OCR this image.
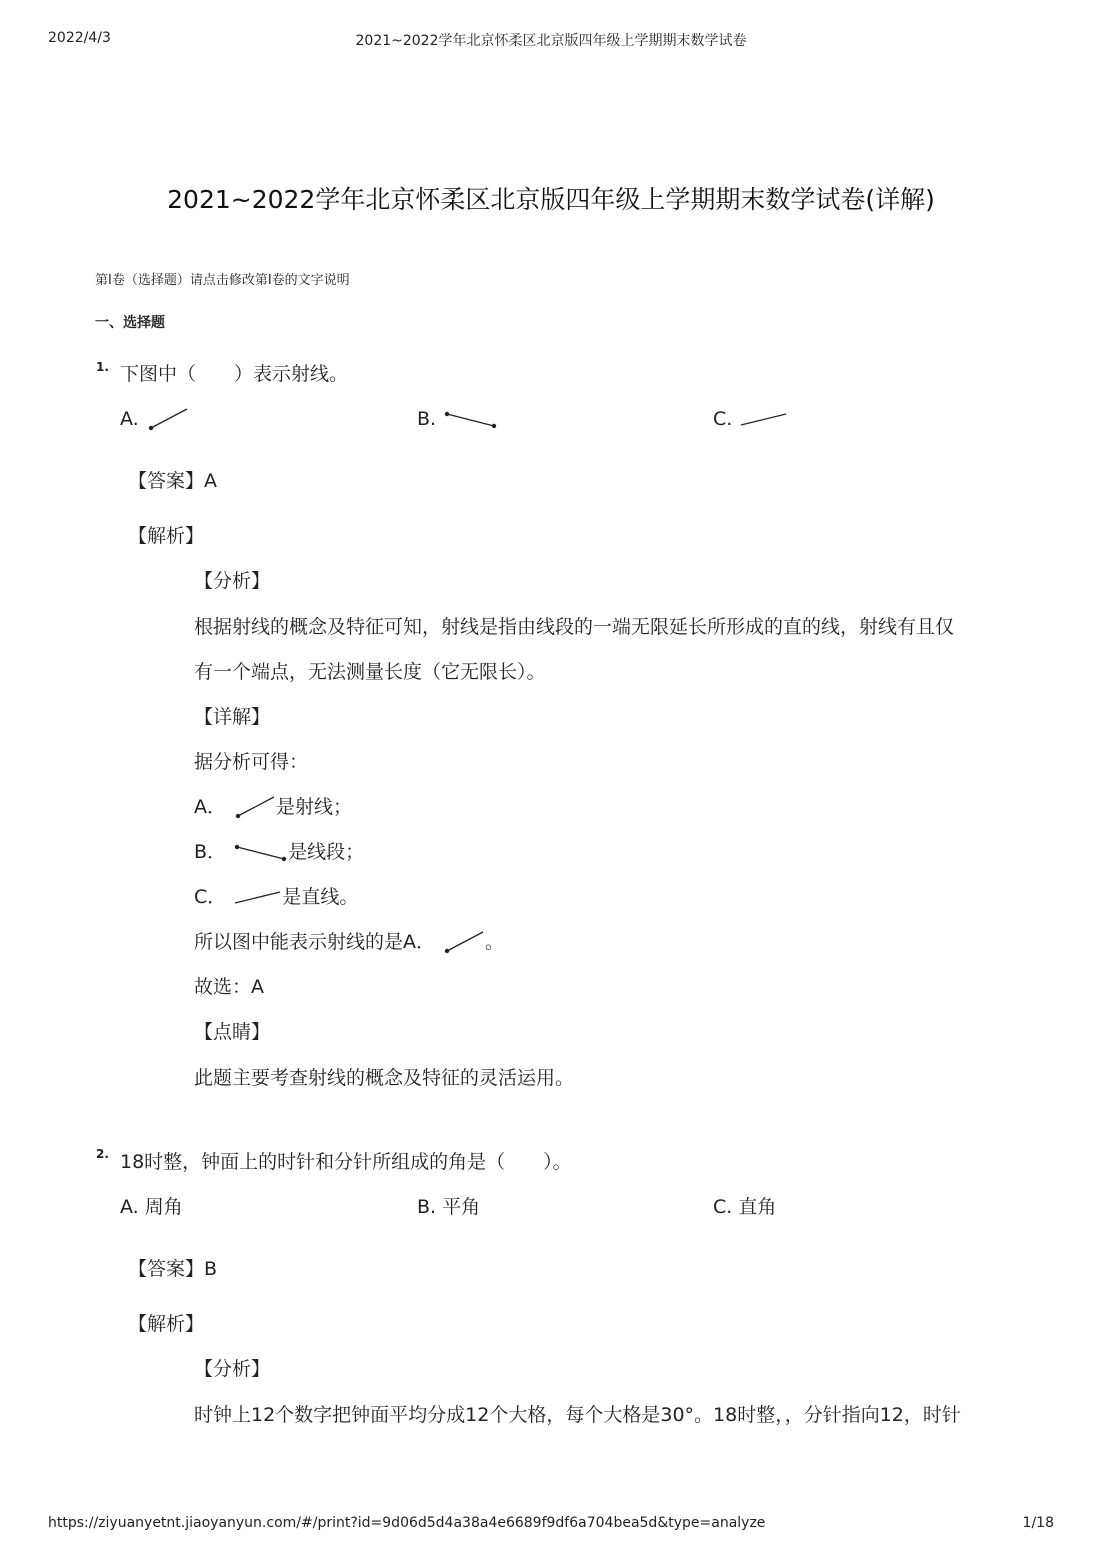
2022/4/3	2021~2022学年北京怀柔区北京版四年级上学期期末数学试卷
2021~2022学年北京怀柔区北京版四年级上学期期末数学试卷(详解)
第I卷（选择题）请点击修改第I卷的文字说明
一、选择题
1. 下图中（　　）表示射线。
A.	B.	C.
【答案】A
【解析】
【分析】
根据射线的概念及特征可知，射线是指由线段的一端无限延长所形成的直的线，射线有且仅
有一个端点，无法测量长度（它无限长）。
【详解】
据分析可得：
A．	是射线；
B．	是线段；
C．	是直线。
所以图中能表示射线的是A．	。
故选：A
【点睛】
此题主要考查射线的概念及特征的灵活运用。
2. 18时整，钟面上的时针和分针所组成的角是（　　）。
A. 周角	B. 平角	C. 直角
【答案】B
【解析】
【分析】
时钟上12个数字把钟面平均分成12个大格，每个大格是30°。18时整，，分针指向12，时针
https://ziyuanyetnt.jiaoyanyun.com/#/print?id=9d06d5d4a38a4e6689f9df6a704bea5d&type=analyze	1/18
